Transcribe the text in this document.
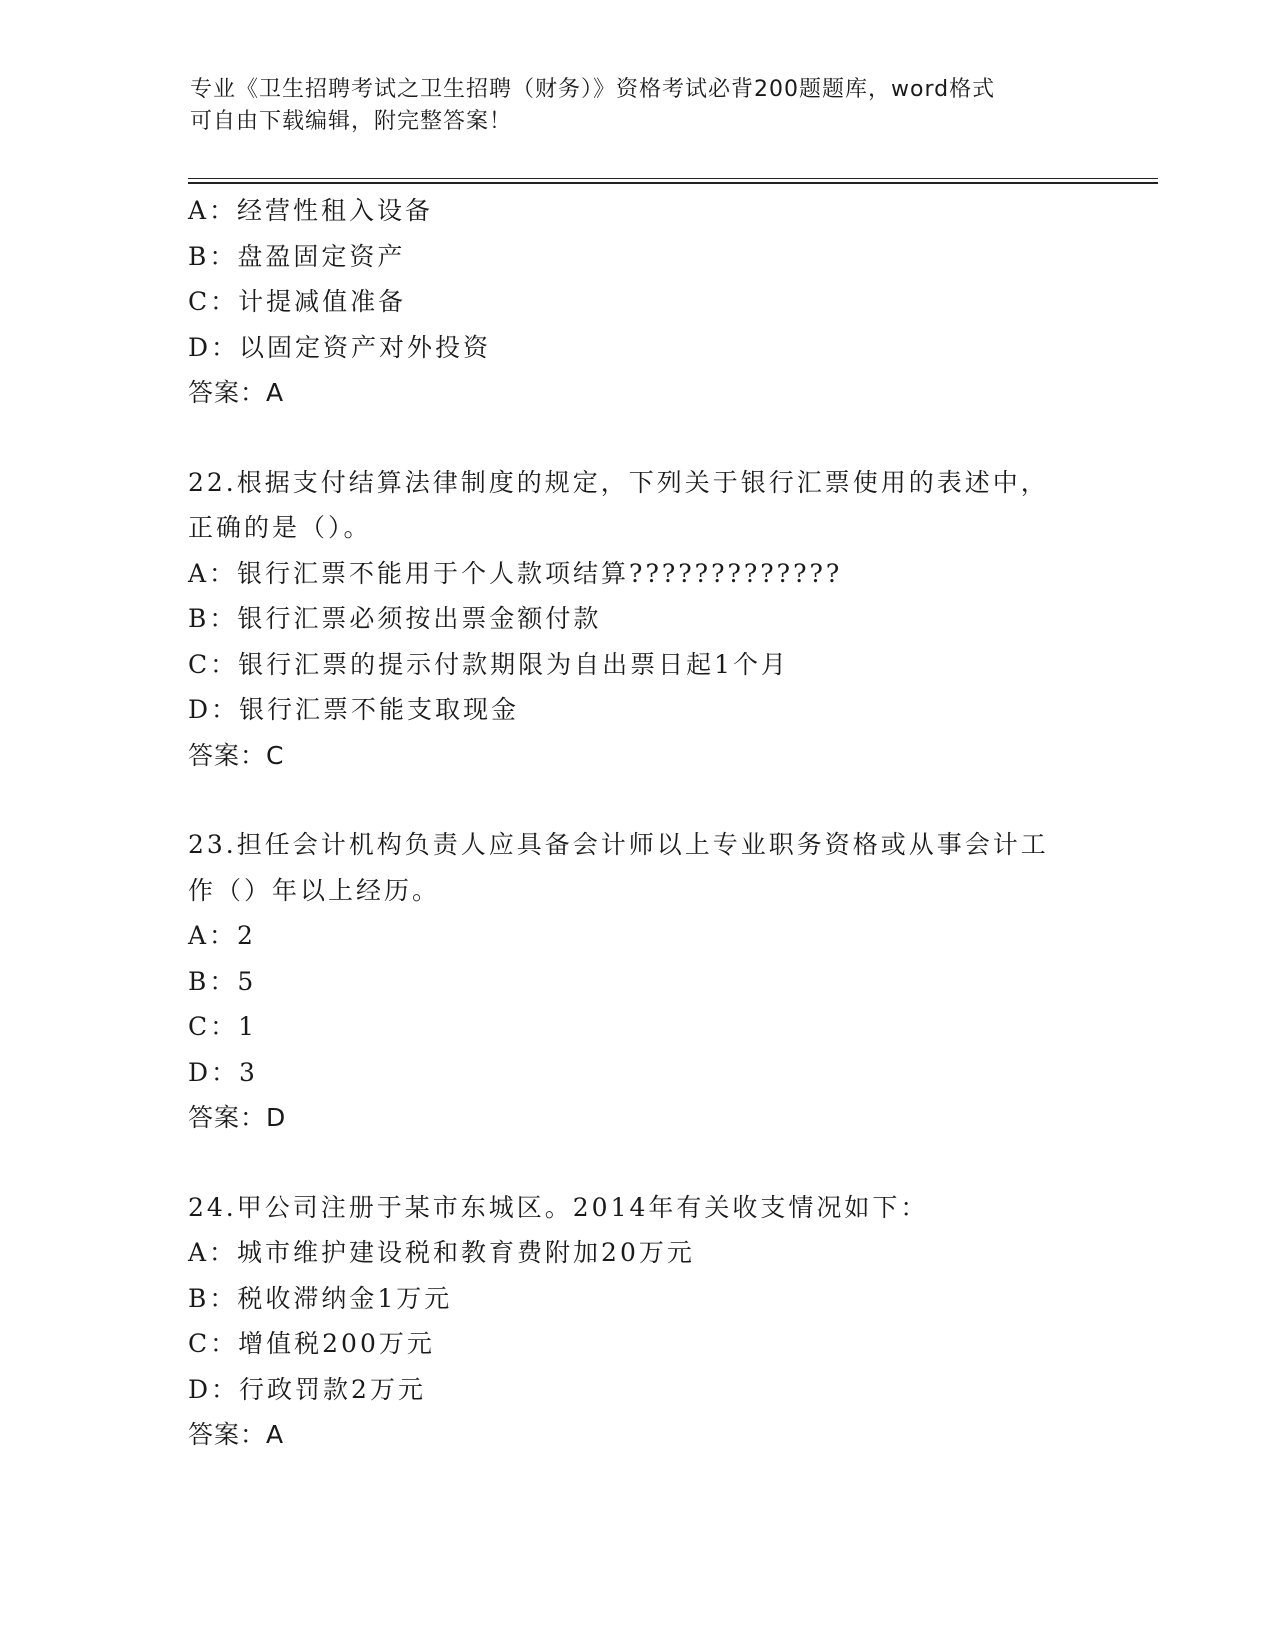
专业《卫生招聘考试之卫生招聘（财务）》资格考试必背200题题库，word格式
可自由下载编辑，附完整答案！
A：经营性租入设备
B：盘盈固定资产
C：计提减值准备
D：以固定资产对外投资
答案：A
22.根据支付结算法律制度的规定，下列关于银行汇票使用的表述中，
正确的是（）。
A：银行汇票不能用于个人款项结算?????????????
B：银行汇票必须按出票金额付款
C：银行汇票的提示付款期限为自出票日起1个月
D：银行汇票不能支取现金
答案：C
23.担任会计机构负责人应具备会计师以上专业职务资格或从事会计工
作（）年以上经历。
A：2
B：5
C：1
D：3
答案：D
24.甲公司注册于某市东城区。2014年有关收支情况如下：
A：城市维护建设税和教育费附加20万元
B：税收滞纳金1万元
C：增值税200万元
D：行政罚款2万元
答案：A
